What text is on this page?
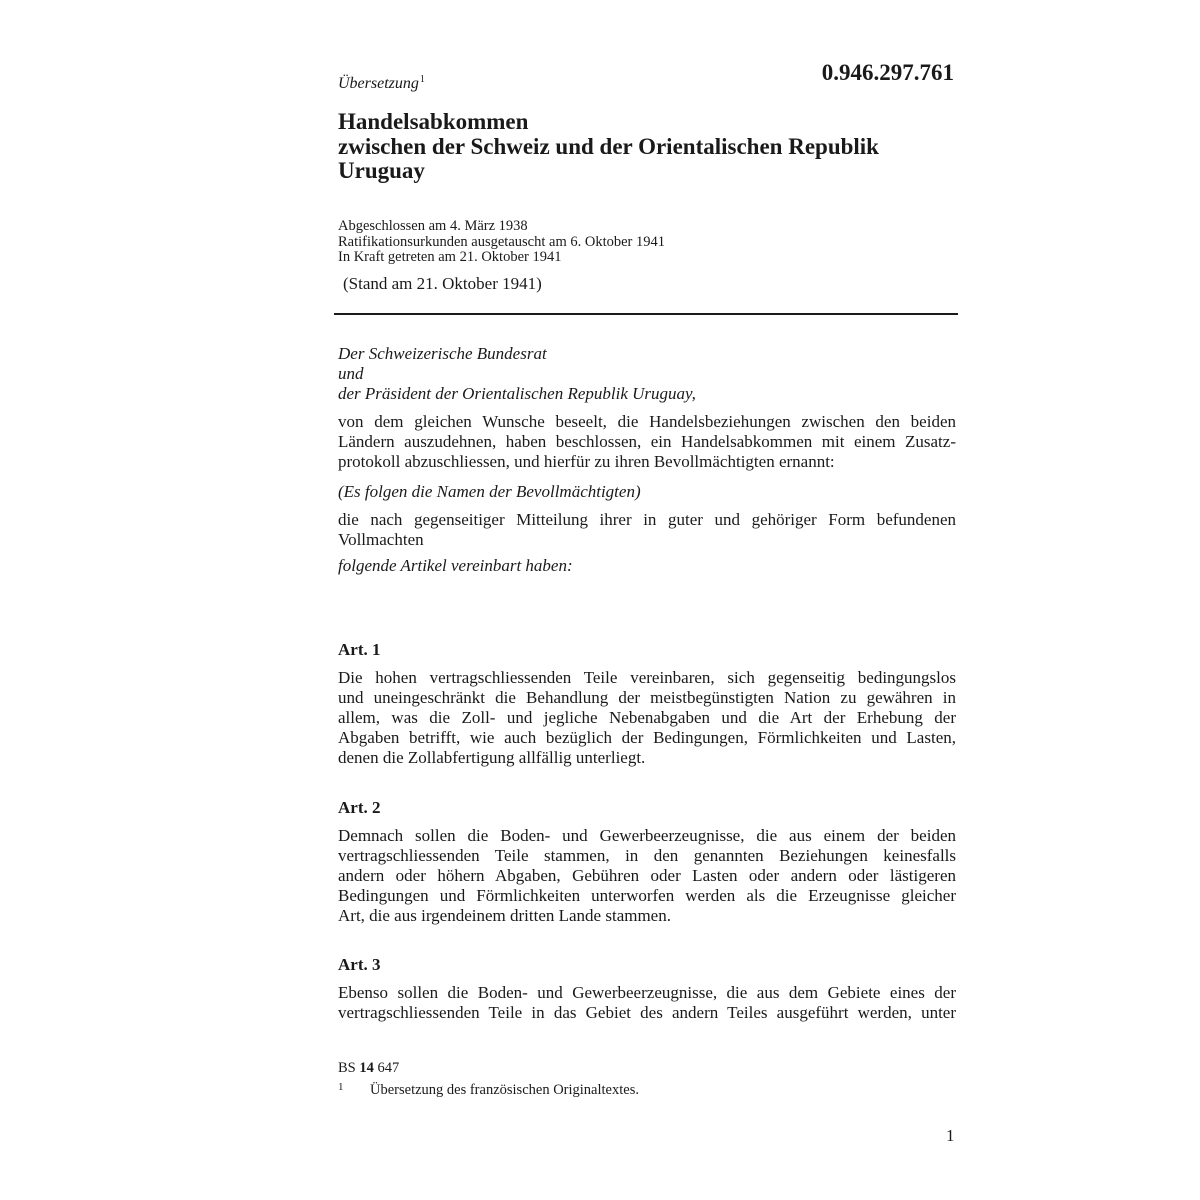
Übersetzung$^1$	0.946.297.761
Handelsabkommen
zwischen der Schweiz und der Orientalischen Republik
Uruguay
Abgeschlossen am 4. März 1938
Ratifikationsurkunden ausgetauscht am 6. Oktober 1941
In Kraft getreten am 21. Oktober 1941
(Stand am 21. Oktober 1941)
Der Schweizerische Bundesrat
und
der Präsident der Orientalischen Republik Uruguay,
von dem gleichen Wunsche beseelt, die Handelsbeziehungen zwischen den beiden
Ländern auszudehnen, haben beschlossen, ein Handelsabkommen mit einem Zusatz-
protokoll abzuschliessen, und hierfür zu ihren Bevollmächtigten ernannt:
(Es folgen die Namen der Bevollmächtigten)
die nach gegenseitiger Mitteilung ihrer in guter und gehöriger Form befundenen
Vollmachten
folgende Artikel vereinbart haben:
Art. 1
Die hohen vertragschliessenden Teile vereinbaren, sich gegenseitig bedingungslos
und uneingeschränkt die Behandlung der meistbegünstigten Nation zu gewähren in
allem, was die Zoll- und jegliche Nebenabgaben und die Art der Erhebung der
Abgaben betrifft, wie auch bezüglich der Bedingungen, Förmlichkeiten und Lasten,
denen die Zollabfertigung allfällig unterliegt.
Art. 2
Demnach sollen die Boden- und Gewerbeerzeugnisse, die aus einem der beiden
vertragschliessenden Teile stammen, in den genannten Beziehungen keinesfalls
andern oder höhern Abgaben, Gebühren oder Lasten oder andern oder lästigeren
Bedingungen und Förmlichkeiten unterworfen werden als die Erzeugnisse gleicher
Art, die aus irgendeinem dritten Lande stammen.
Art. 3
Ebenso sollen die Boden- und Gewerbeerzeugnisse, die aus dem Gebiete eines der
vertragschliessenden Teile in das Gebiet des andern Teiles ausgeführt werden, unter
BS 14 647
1 Übersetzung des französischen Originaltextes.
1
